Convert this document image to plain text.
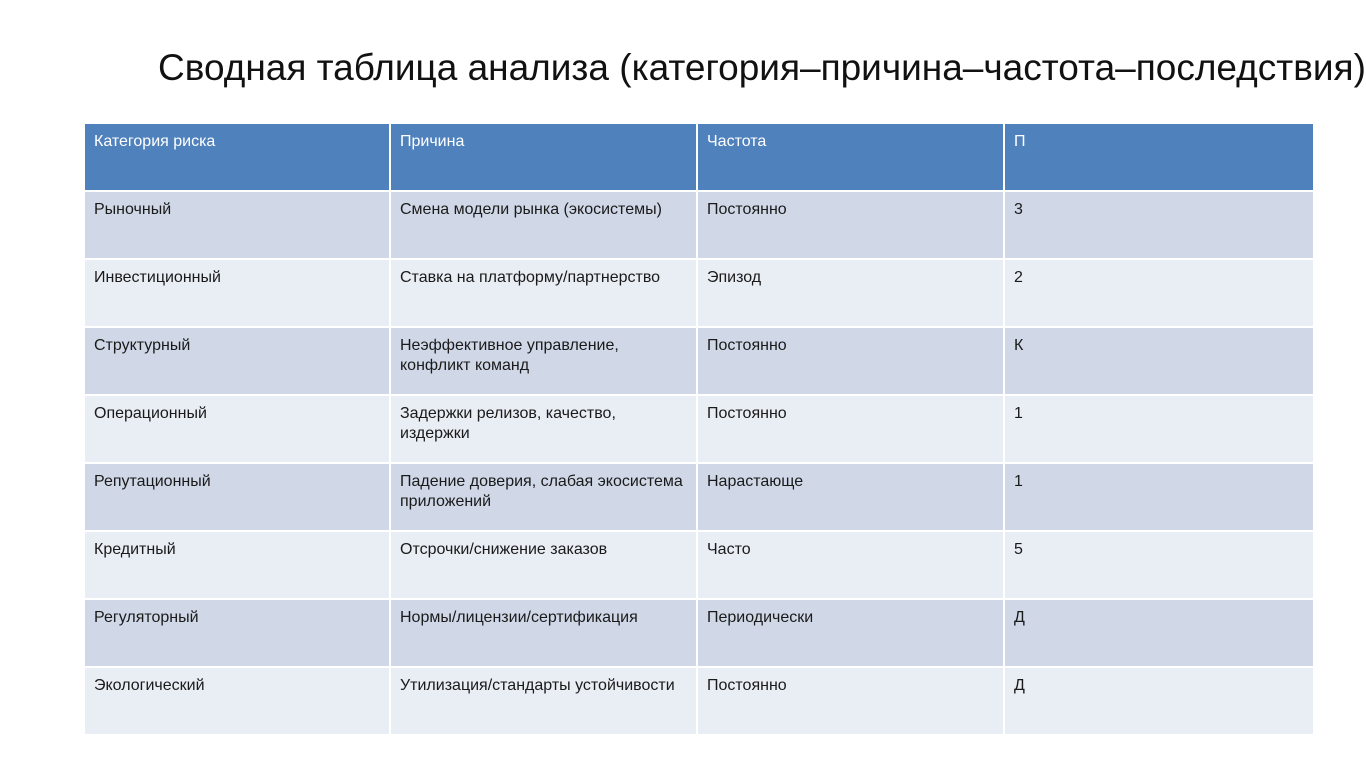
Сводная таблица анализа (категория–причина–частота–последствия)
Категория риска	Причина	Частота	П
Рыночный	Смена модели рынка (экосистемы)	Постоянно	3
Инвестиционный	Ставка на платформу/партнерство	Эпизод	2
Структурный	Неэффективное управление, конфликт команд	Постоянно	К
Операционный	Задержки релизов, качество, издержки	Постоянно	1
Репутационный	Падение доверия, слабая экосистема приложений	Нарастающе	1
Кредитный	Отсрочки/снижение заказов	Часто	5
Регуляторный	Нормы/лицензии/сертификация	Периодически	Д
Экологический	Утилизация/стандарты устойчивости	Постоянно	Д
